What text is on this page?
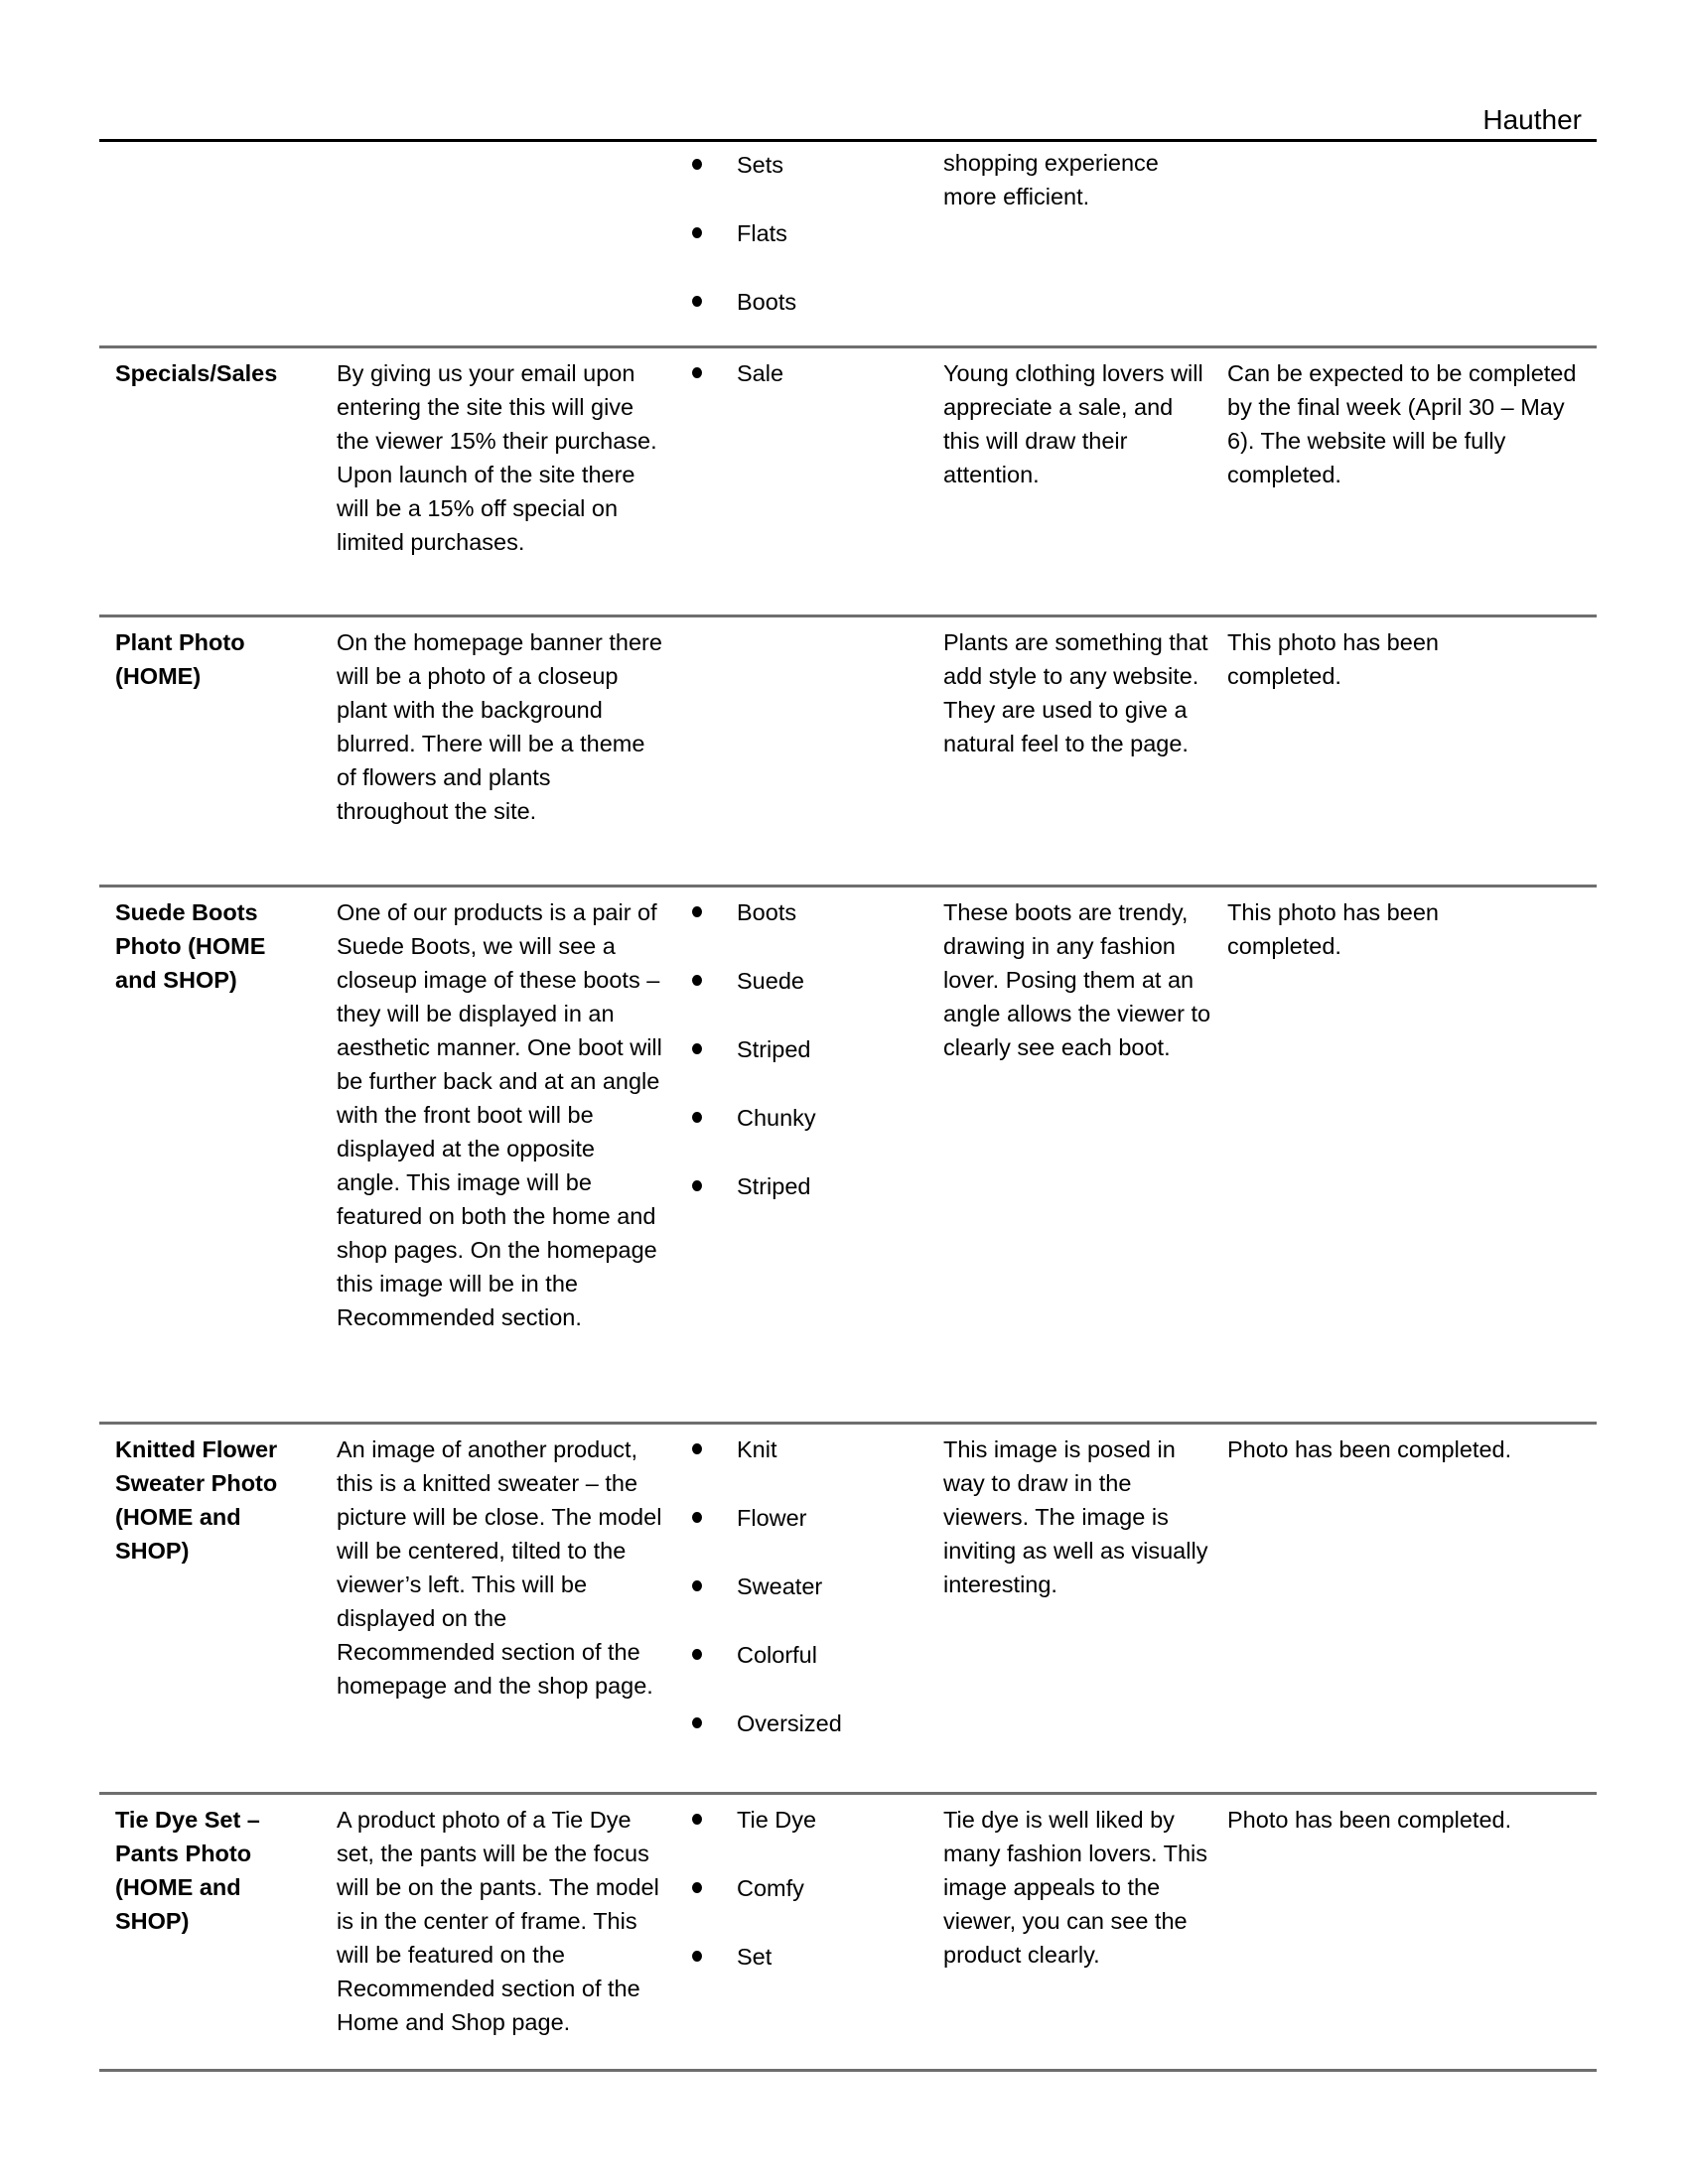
Hauther
Sets
Flats
Boots
shopping experience more efficient.
Specials/Sales	By giving us your email upon entering the site this will give the viewer 15% their purchase. Upon launch of the site there will be a 15% off special on limited purchases.
Sale	Young clothing lovers will appreciate a sale, and this will draw their attention.
Can be expected to be completed by the final week (April 30 – May 6). The website will be fully completed.
Plant Photo (HOME)
On the homepage banner there will be a photo of a closeup plant with the background blurred. There will be a theme of flowers and plants throughout the site.
Plants are something that add style to any website. They are used to give a natural feel to the page.
This photo has been completed.
Suede Boots Photo (HOME and SHOP)
One of our products is a pair of Suede Boots, we will see a closeup image of these boots – they will be displayed in an aesthetic manner. One boot will be further back and at an angle with the front boot will be displayed at the opposite angle. This image will be featured on both the home and shop pages. On the homepage this image will be in the Recommended section.
Boots
Suede
Striped
Chunky
Striped
These boots are trendy, drawing in any fashion lover. Posing them at an angle allows the viewer to clearly see each boot.
This photo has been completed.
Knitted Flower Sweater Photo (HOME and SHOP)
An image of another product, this is a knitted sweater – the picture will be close. The model will be centered, tilted to the viewer’s left. This will be displayed on the Recommended section of the homepage and the shop page.
Knit
Flower
Sweater
Colorful
Oversized
This image is posed in way to draw in the viewers. The image is inviting as well as visually interesting.
Photo has been completed.
Tie Dye Set – Pants Photo (HOME and SHOP)
A product photo of a Tie Dye set, the pants will be the focus will be on the pants. The model is in the center of frame. This will be featured on the Recommended section of the Home and Shop page.
Tie Dye
Comfy
Set
Tie dye is well liked by many fashion lovers. This image appeals to the viewer, you can see the product clearly.
Photo has been completed.
